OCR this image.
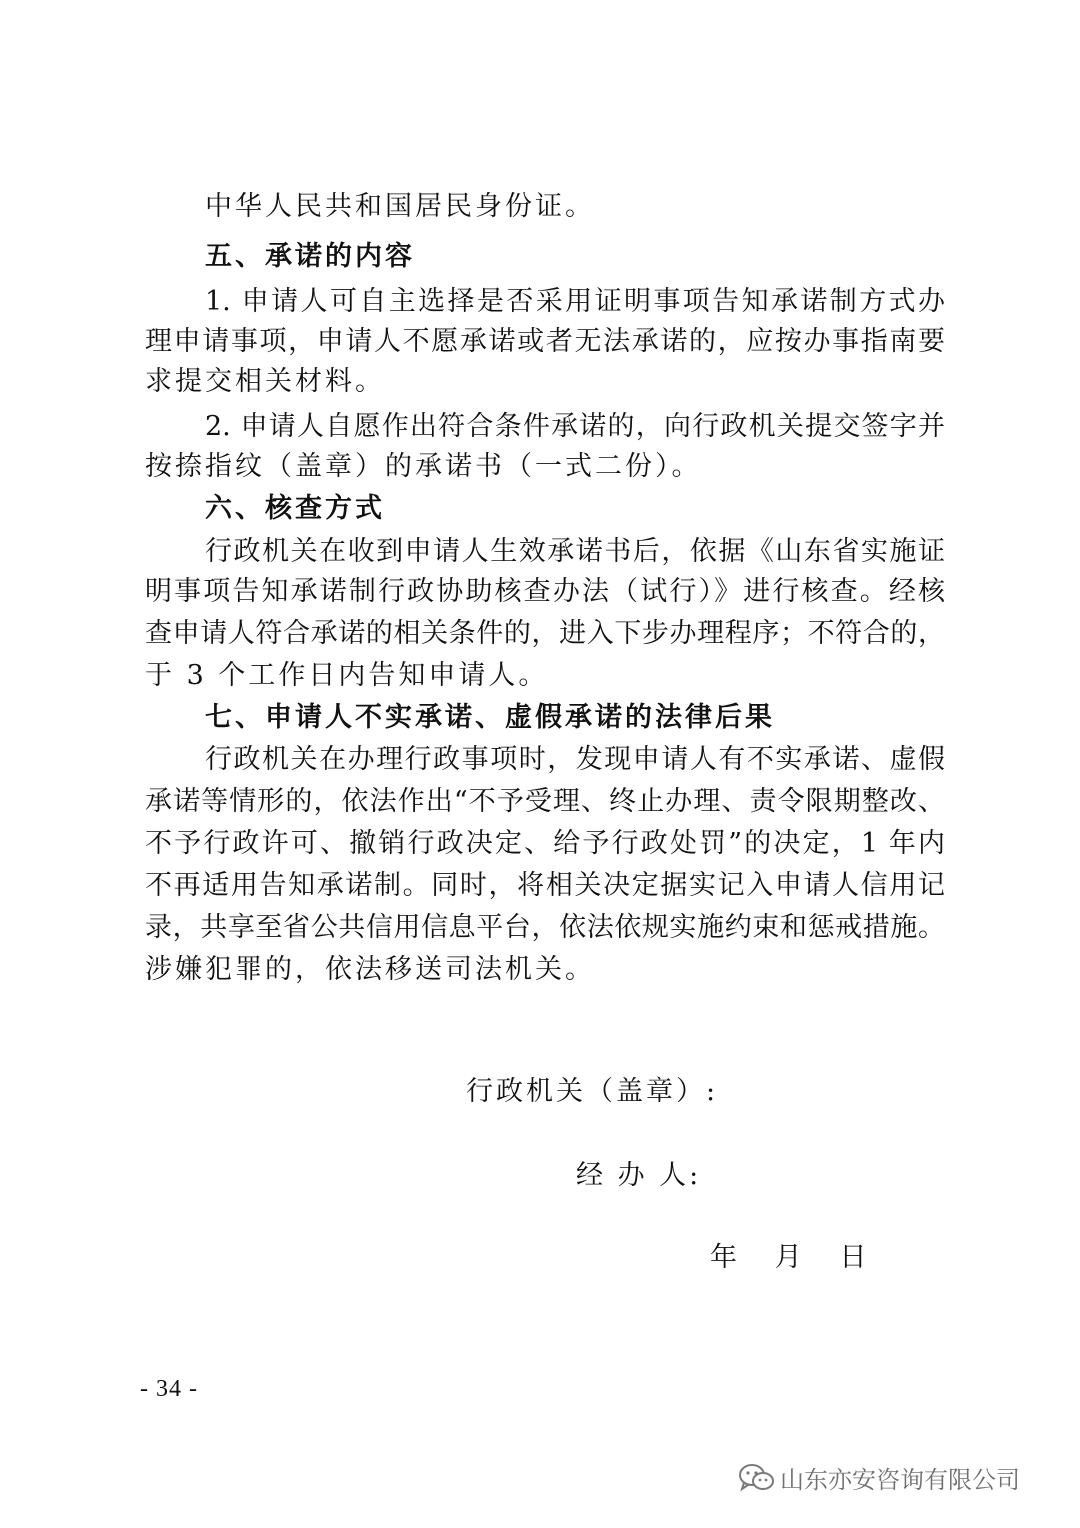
中华人民共和国居民身份证。
五、承诺的内容
1. 申请人可自主选择是否采用证明事项告知承诺制方式办
理申请事项，申请人不愿承诺或者无法承诺的，应按办事指南要
求提交相关材料。
2. 申请人自愿作出符合条件承诺的，向行政机关提交签字并
按捺指纹（盖章）的承诺书（一式二份）。
六、核查方式
行政机关在收到申请人生效承诺书后，依据《山东省实施证
明事项告知承诺制行政协助核查办法（试行）》进行核查。经核
查申请人符合承诺的相关条件的，进入下步办理程序；不符合的，
于 3 个工作日内告知申请人。
七、申请人不实承诺、虚假承诺的法律后果
行政机关在办理行政事项时，发现申请人有不实承诺、虚假
承诺等情形的，依法作出“不予受理、终止办理、责令限期整改、
不予行政许可、撤销行政决定、给予行政处罚”的决定，1 年内
不再适用告知承诺制。同时，将相关决定据实记入申请人信用记
录，共享至省公共信用信息平台，依法依规实施约束和惩戒措施。
涉嫌犯罪的，依法移送司法机关。
行政机关（盖章）:
经 办 人:
年   月   日
- 34 -
山东亦安咨询有限公司
